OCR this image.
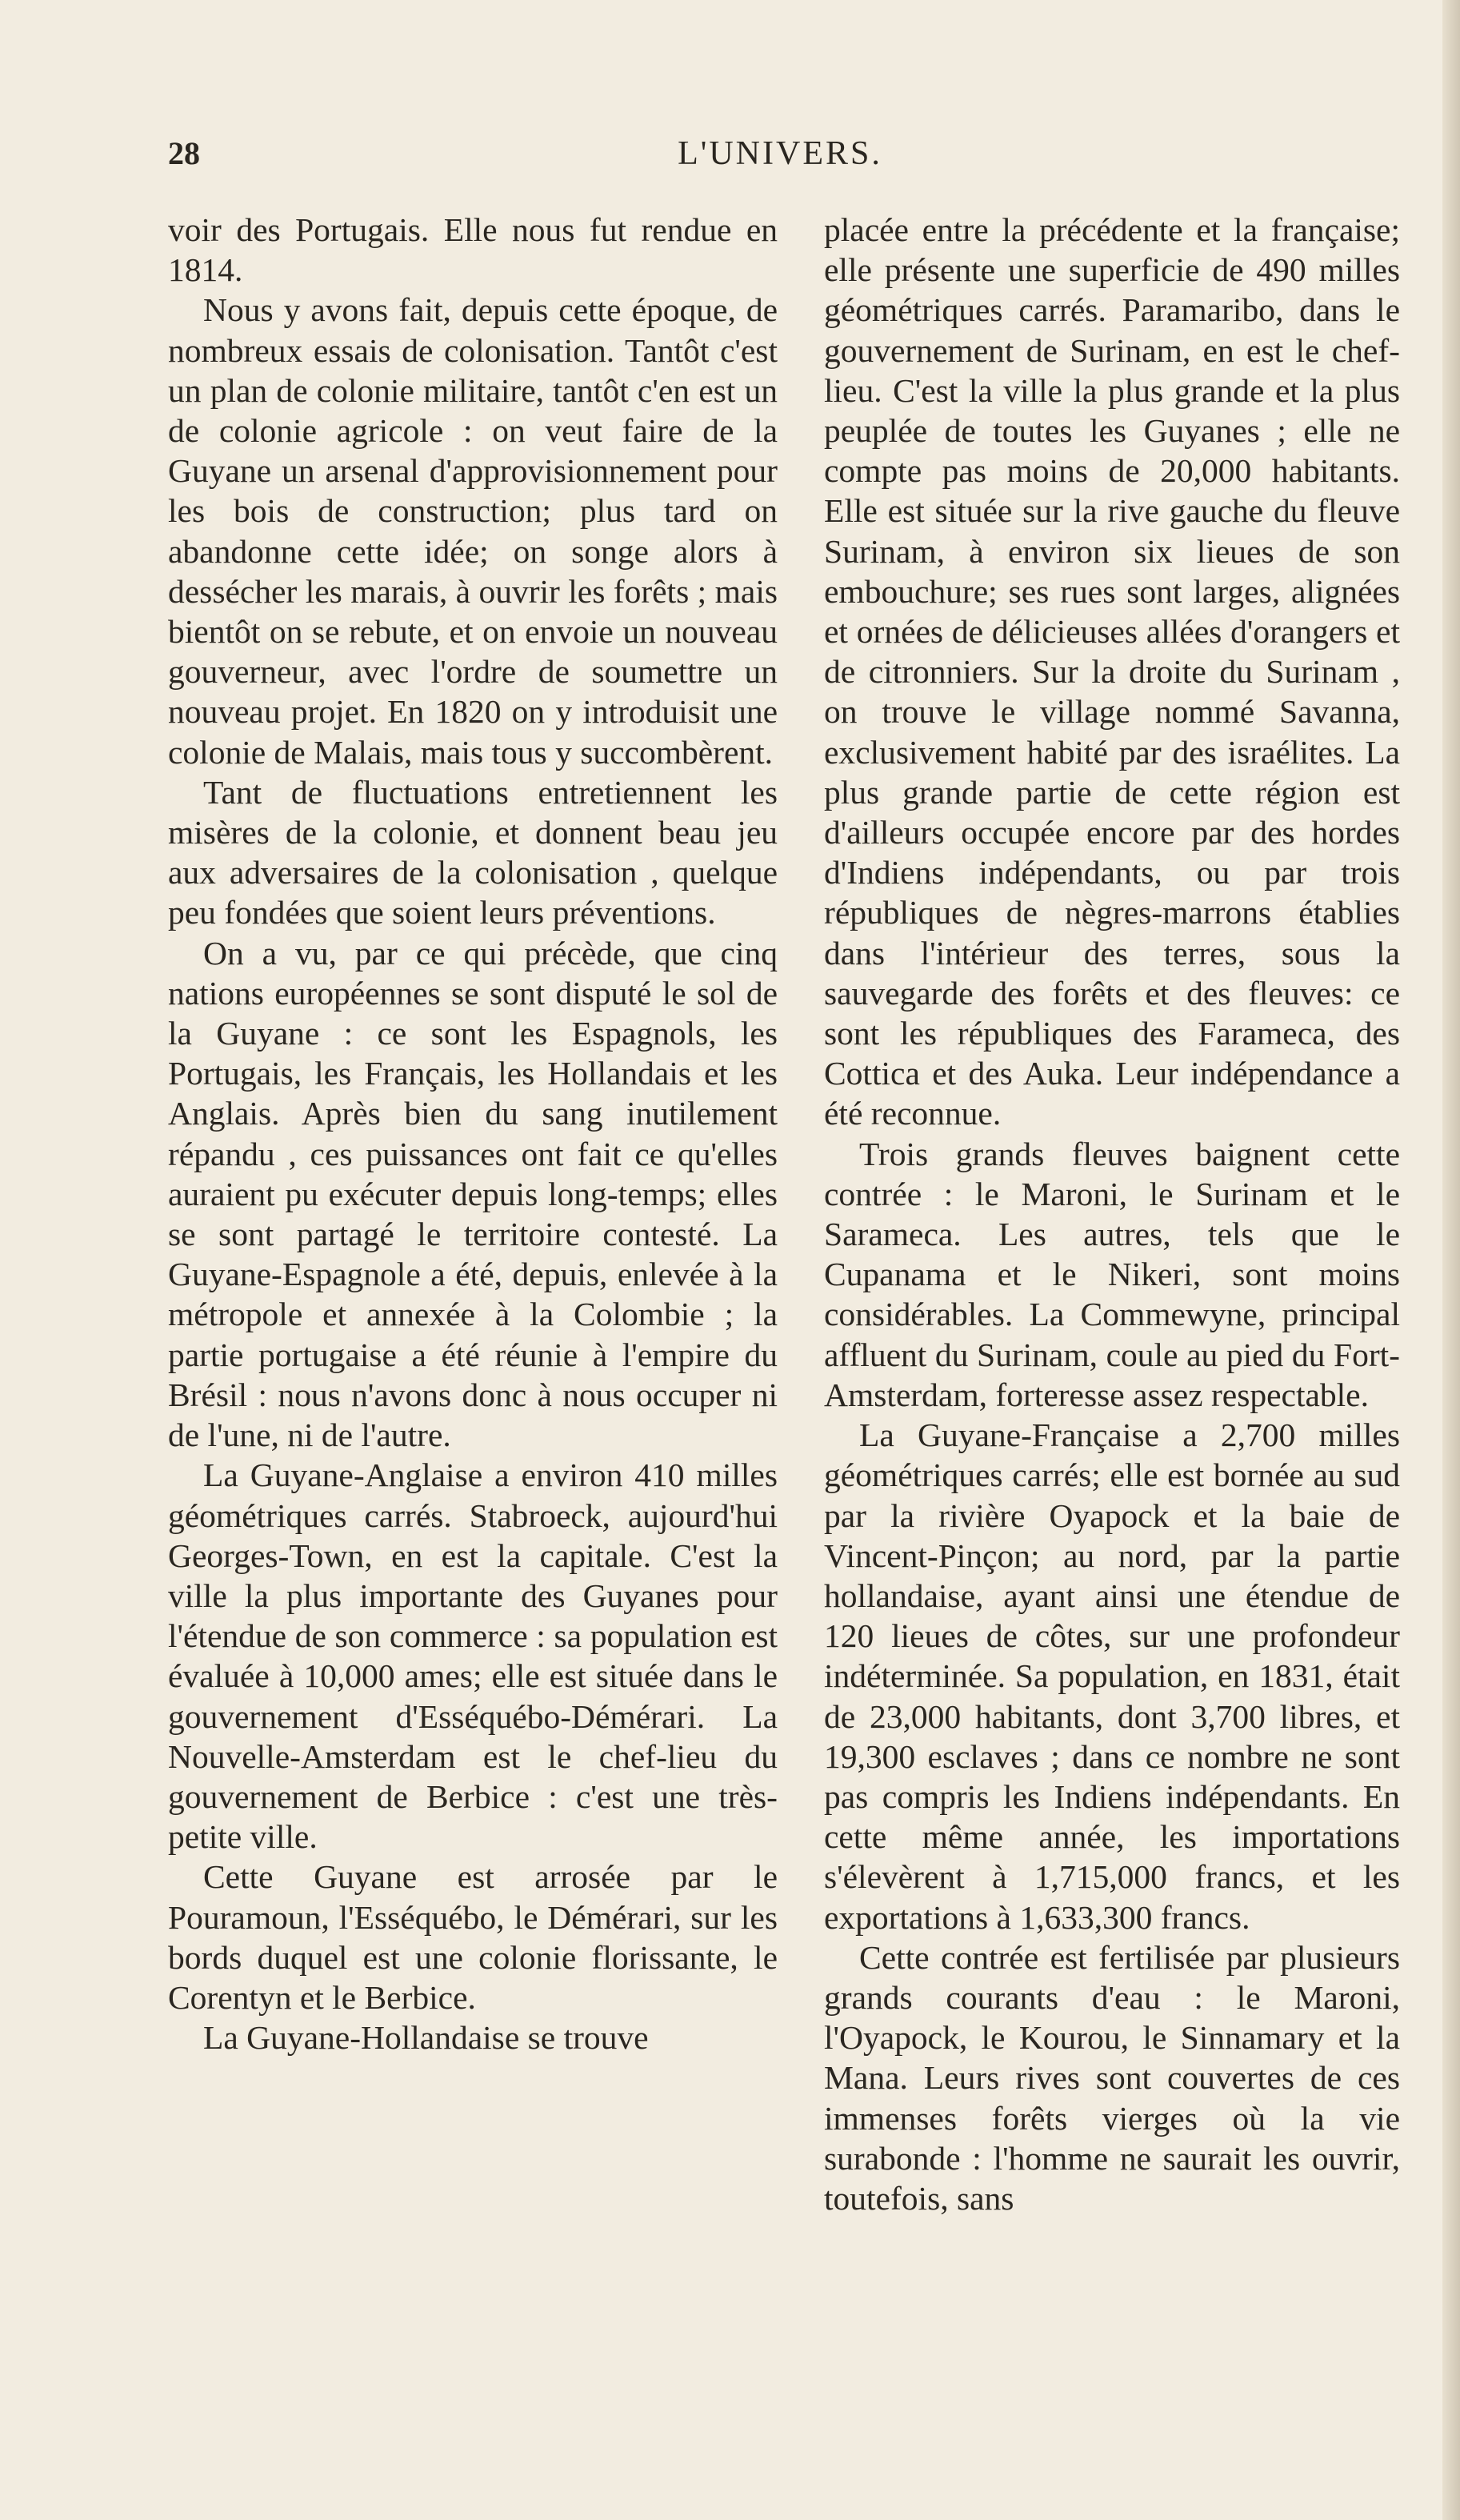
L'UNIVERS.
28

voir des Portugais. Elle nous fut rendue en 1814.

Nous y avons fait, depuis cette époque, de nombreux essais de colonisation. Tantôt c'est un plan de colonie militaire, tantôt c'en est un de colonie agricole : on veut faire de la Guyane un arsenal d'approvisionnement pour les bois de construction; plus tard on abandonne cette idée; on songe alors à dessécher les marais, à ouvrir les forêts ; mais bientôt on se rebute, et on envoie un nouveau gouverneur, avec l'ordre de soumettre un nouveau projet. En 1820 on y introduisit une colonie de Malais, mais tous y succombèrent.

Tant de fluctuations entretiennent les misères de la colonie, et donnent beau jeu aux adversaires de la colonisation , quelque peu fondées que soient leurs préventions.

On a vu, par ce qui précède, que cinq nations européennes se sont disputé le sol de la Guyane : ce sont les Espagnols, les Portugais, les Français, les Hollandais et les Anglais. Après bien du sang inutilement répandu , ces puissances ont fait ce qu'elles auraient pu exécuter depuis long-temps; elles se sont partagé le territoire contesté. La Guyane-Espagnole a été, depuis, enlevée à la métropole et annexée à la Colombie ; la partie portugaise a été réunie à l'empire du Brésil : nous n'avons donc à nous occuper ni de l'une, ni de l'autre.

La Guyane-Anglaise a environ 410 milles géométriques carrés. Stabroeck, aujourd'hui Georges-Town, en est la capitale. C'est la ville la plus importante des Guyanes pour l'étendue de son commerce : sa population est évaluée à 10,000 ames; elle est située dans le gouvernement d'Esséquébo-Démérari. La Nouvelle-Amsterdam est le chef-lieu du gouvernement de Berbice : c'est une très-petite ville.

Cette Guyane est arrosée par le Pouramoun, l'Esséquébo, le Démérari, sur les bords duquel est une colonie florissante, le Corentyn et le Berbice.

La Guyane-Hollandaise se trouve

placée entre la précédente et la française; elle présente une superficie de 490 milles géométriques carrés. Paramaribo, dans le gouvernement de Surinam, en est le chef-lieu. C'est la ville la plus grande et la plus peuplée de toutes les Guyanes ; elle ne compte pas moins de 20,000 habitants. Elle est située sur la rive gauche du fleuve Surinam, à environ six lieues de son embouchure; ses rues sont larges, alignées et ornées de délicieuses allées d'orangers et de citronniers. Sur la droite du Surinam , on trouve le village nommé Savanna, exclusivement habité par des israélites. La plus grande partie de cette région est d'ailleurs occupée encore par des hordes d'Indiens indépendants, ou par trois républiques de nègres-marrons établies dans l'intérieur des terres, sous la sauvegarde des forêts et des fleuves: ce sont les républiques des Farameca, des Cottica et des Auka. Leur indépendance a été reconnue.

Trois grands fleuves baignent cette contrée : le Maroni, le Surinam et le Sarameca. Les autres, tels que le Cupanama et le Nikeri, sont moins considérables. La Commewyne, principal affluent du Surinam, coule au pied du Fort-Amsterdam, forteresse assez respectable.

La Guyane-Française a 2,700 milles géométriques carrés; elle est bornée au sud par la rivière Oyapock et la baie de Vincent-Pinçon; au nord, par la partie hollandaise, ayant ainsi une étendue de 120 lieues de côtes, sur une profondeur indéterminée. Sa population, en 1831, était de 23,000 habitants, dont 3,700 libres, et 19,300 esclaves ; dans ce nombre ne sont pas compris les Indiens indépendants. En cette même année, les importations s'élevèrent à 1,715,000 francs, et les exportations à 1,633,300 francs.

Cette contrée est fertilisée par plusieurs grands courants d'eau : le Maroni, l'Oyapock, le Kourou, le Sinnamary et la Mana. Leurs rives sont couvertes de ces immenses forêts vierges où la vie surabonde : l'homme ne saurait les ouvrir, toutefois, sans
